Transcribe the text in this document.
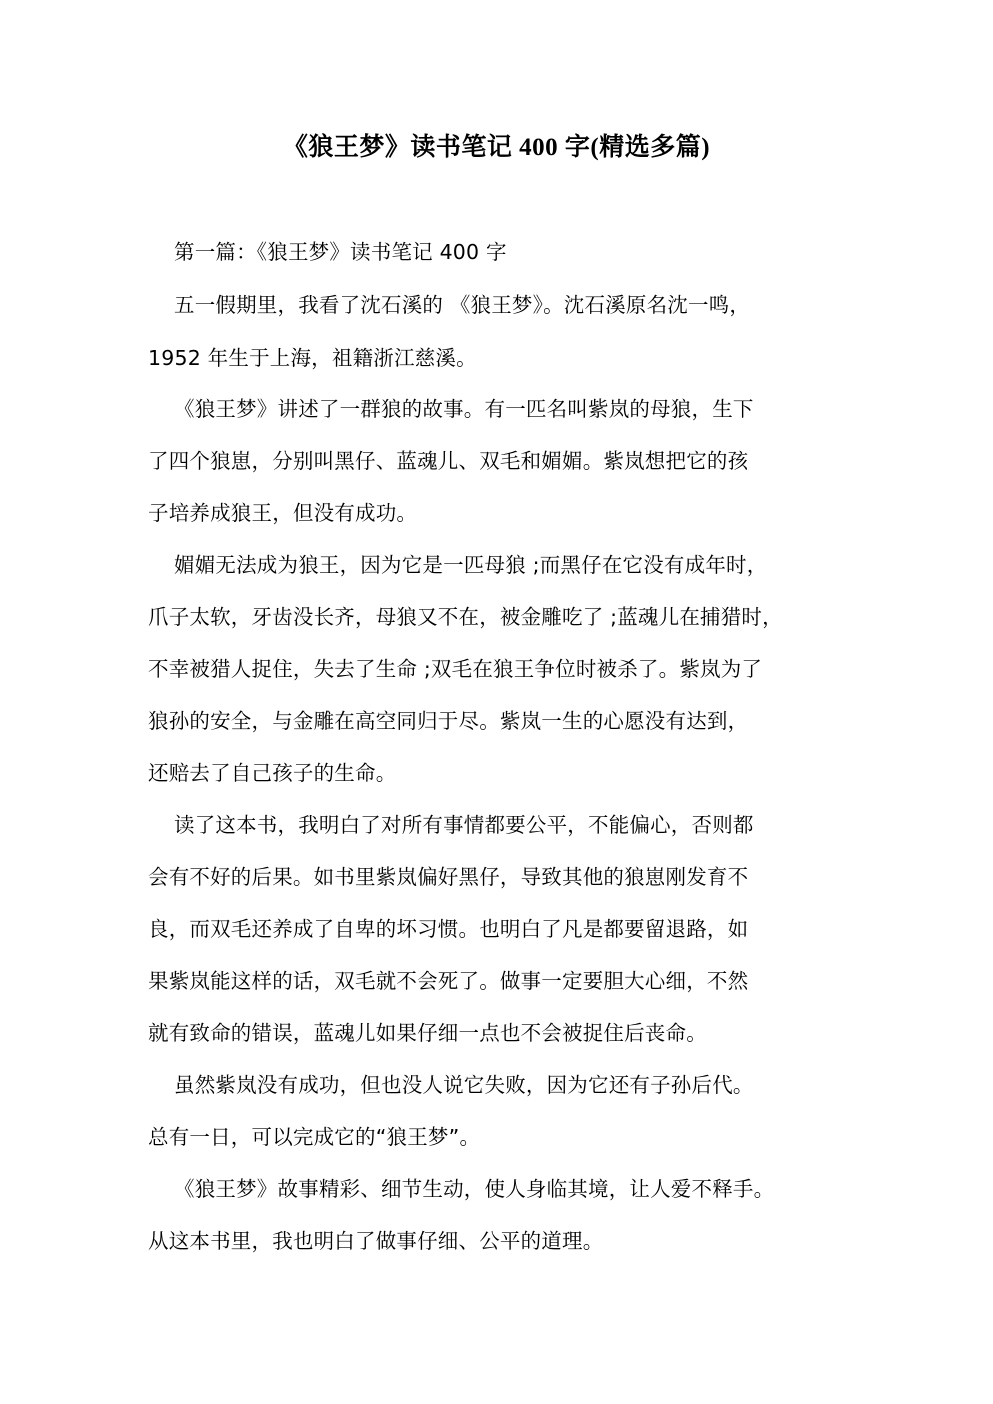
《狼王梦》读书笔记 400 字(精选多篇)
第一篇：《狼王梦》读书笔记 400 字
五一假期里，我看了沈石溪的 《狼王梦》。沈石溪原名沈一鸣，
1952 年生于上海，祖籍浙江慈溪。
《狼王梦》讲述了一群狼的故事。有一匹名叫紫岚的母狼，生下
了四个狼崽，分别叫黑仔、蓝魂儿、双毛和媚媚。紫岚想把它的孩
子培养成狼王，但没有成功。
媚媚无法成为狼王，因为它是一匹母狼 ;而黑仔在它没有成年时，
爪子太软，牙齿没长齐，母狼又不在，被金雕吃了 ;蓝魂儿在捕猎时，
不幸被猎人捉住，失去了生命 ;双毛在狼王争位时被杀了。紫岚为了
狼孙的安全，与金雕在高空同归于尽。紫岚一生的心愿没有达到，
还赔去了自己孩子的生命。
读了这本书，我明白了对所有事情都要公平，不能偏心，否则都
会有不好的后果。如书里紫岚偏好黑仔，导致其他的狼崽刚发育不
良，而双毛还养成了自卑的坏习惯。也明白了凡是都要留退路，如
果紫岚能这样的话，双毛就不会死了。做事一定要胆大心细，不然
就有致命的错误，蓝魂儿如果仔细一点也不会被捉住后丧命。
虽然紫岚没有成功，但也没人说它失败，因为它还有子孙后代。
总有一日，可以完成它的“狼王梦”。
《狼王梦》故事精彩、细节生动，使人身临其境，让人爱不释手。
从这本书里，我也明白了做事仔细、公平的道理。
